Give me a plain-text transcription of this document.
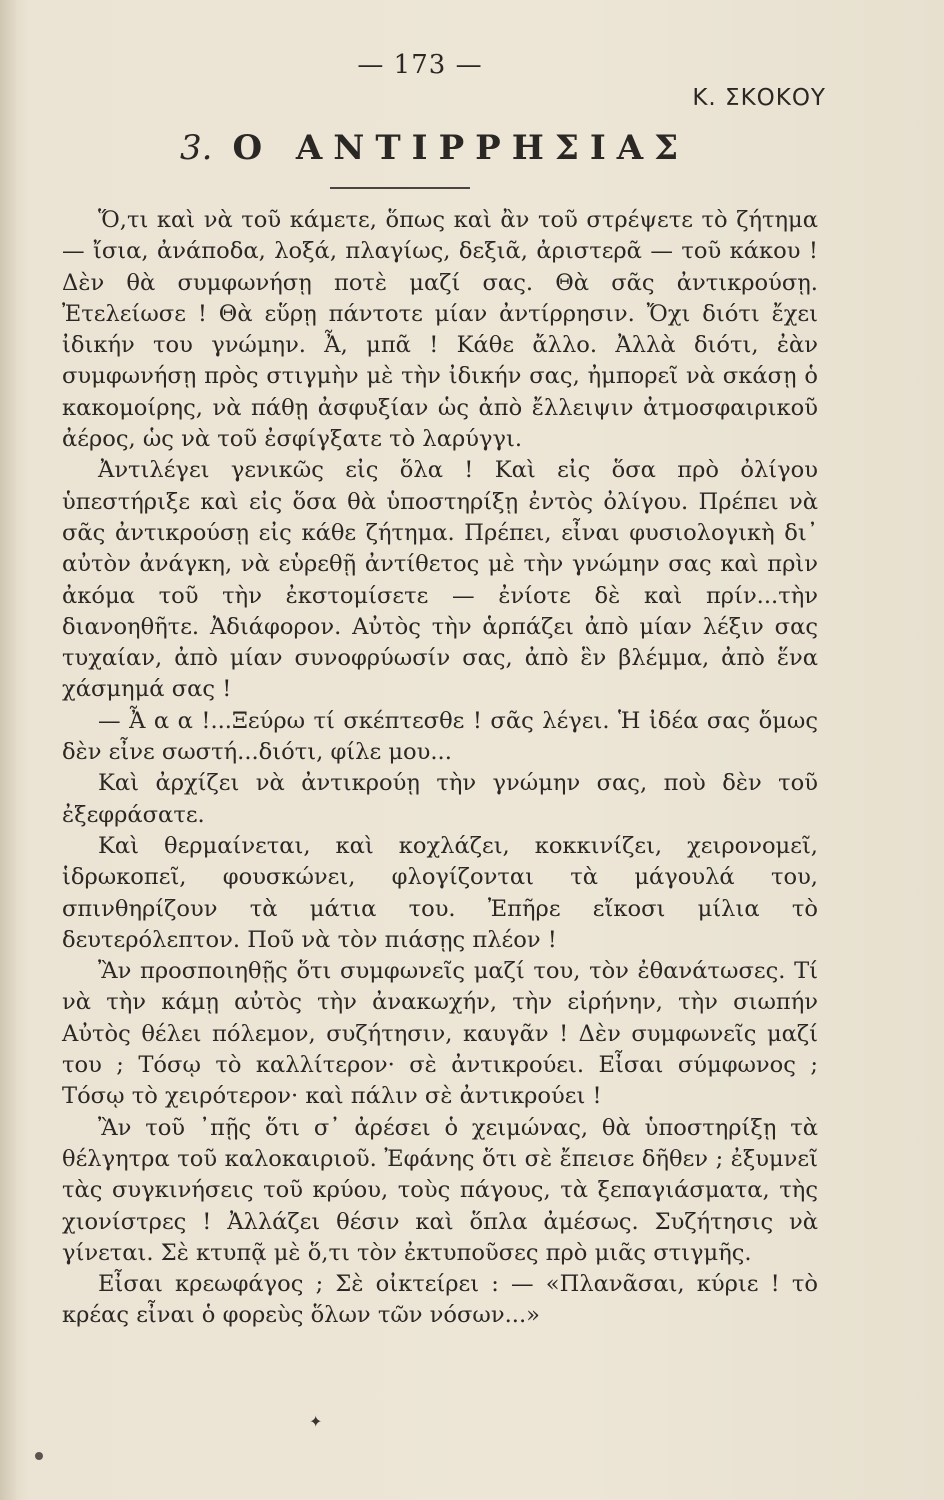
— 173 —
Κ. ΣΚΟΚΟΥ
3. Ο ΑΝΤΙΡΡΗΣΙΑΣ

Ὅ,τι καὶ νὰ τοῦ κάμετε, ὅπως καὶ ἂν τοῦ στρέψετε τὸ ζήτημα — ἴσια, ἀνάποδα, λοξά, πλαγίως, δεξιᾶ, ἀριστερᾶ — τοῦ κάκου ! Δὲν θὰ συμφωνήσῃ ποτὲ μαζί σας. Θὰ σᾶς ἀντικρούσῃ. Ἐτελείωσε ! Θὰ εὕρῃ πάντοτε μίαν ἀντίρρησιν. Ὄχι διότι ἔχει ἰδικήν του γνώμην. Ἆ, μπᾶ ! Κάθε ἄλλο. Ἀλλὰ διότι, ἐὰν συμφωνήσῃ πρὸς στιγμὴν μὲ τὴν ἰδικήν σας, ἠμπορεῖ νὰ σκάσῃ ὁ κακομοίρης, νὰ πάθῃ ἀσφυξίαν ὡς ἀπὸ ἔλλειψιν ἀτμοσφαιρικοῦ ἀέρος, ὡς νὰ τοῦ ἐσφίγξατε τὸ λαρύγγι.

Ἀντιλέγει γενικῶς εἰς ὅλα ! Καὶ εἰς ὅσα πρὸ ὀλίγου ὑπεστήριξε καὶ εἰς ὅσα θὰ ὑποστηρίξῃ ἐντὸς ὀλίγου. Πρέπει νὰ σᾶς ἀντικρούσῃ εἰς κάθε ζήτημα. Πρέπει, εἶναι φυσιολογικὴ δι᾿ αὐτὸν ἀνάγκη, νὰ εὑρεθῇ ἀντίθετος μὲ τὴν γνώμην σας καὶ πρὶν ἀκόμα τοῦ τὴν ἐκστομίσετε — ἐνίοτε δὲ καὶ πρίν...τὴν διανοηθῆτε. Ἀδιάφορον. Αὐτὸς τὴν ἁρπάζει ἀπὸ μίαν λέξιν σας τυχαίαν, ἀπὸ μίαν συνοφρύωσίν σας, ἀπὸ ἓν βλέμμα, ἀπὸ ἕνα χάσμημά σας !

— Ἆ α α !...Ξεύρω τί σκέπτεσθε ! σᾶς λέγει. Ἡ ἰδέα σας ὅμως δὲν εἶνε σωστή...διότι, φίλε μου...

Καὶ ἀρχίζει νὰ ἀντικρούῃ τὴν γνώμην σας, ποὺ δὲν τοῦ ἐξεφράσατε.

Καὶ θερμαίνεται, καὶ κοχλάζει, κοκκινίζει, χειρονομεῖ, ἱδρωκοπεῖ, φουσκώνει, φλογίζονται τὰ μάγουλά του, σπινθηρίζουν τὰ μάτια του. Ἐπῆρε εἴκοσι μίλια τὸ δευτερόλεπτον. Ποῦ νὰ τὸν πιάσῃς πλέον !

Ἂν προσποιηθῇς ὅτι συμφωνεῖς μαζί του, τὸν ἐθανάτωσες. Τί νὰ τὴν κάμῃ αὐτὸς τὴν ἀνακωχήν, τὴν εἰρήνην, τὴν σιωπήν Αὐτὸς θέλει πόλεμον, συζήτησιν, καυγᾶν ! Δὲν συμφωνεῖς μαζί του ; Τόσῳ τὸ καλλίτερον· σὲ ἀντικρούει. Εἶσαι σύμφωνος ; Τόσῳ τὸ χειρότερον· καὶ πάλιν σὲ ἀντικρούει !

Ἂν τοῦ ᾿πῇς ὅτι σ᾿ ἀρέσει ὁ χειμώνας, θὰ ὑποστηρίξῃ τὰ θέλγητρα τοῦ καλοκαιριοῦ. Ἐφάνης ὅτι σὲ ἔπεισε δῆθεν ; ἐξυμνεῖ τὰς συγκινήσεις τοῦ κρύου, τοὺς πάγους, τὰ ξεπαγιάσματα, τὴς χιονίστρες ! Ἀλλάζει θέσιν καὶ ὅπλα ἀμέσως. Συζήτησις νὰ γίνεται. Σὲ κτυπᾷ μὲ ὅ,τι τὸν ἐκτυποῦσες πρὸ μιᾶς στιγμῆς.

Εἶσαι κρεωφάγος ; Σὲ οἰκτείρει : — «Πλανᾶσαι, κύριε ! τὸ κρέας εἶναι ὁ φορεὺς ὅλων τῶν νόσων...»

✦
